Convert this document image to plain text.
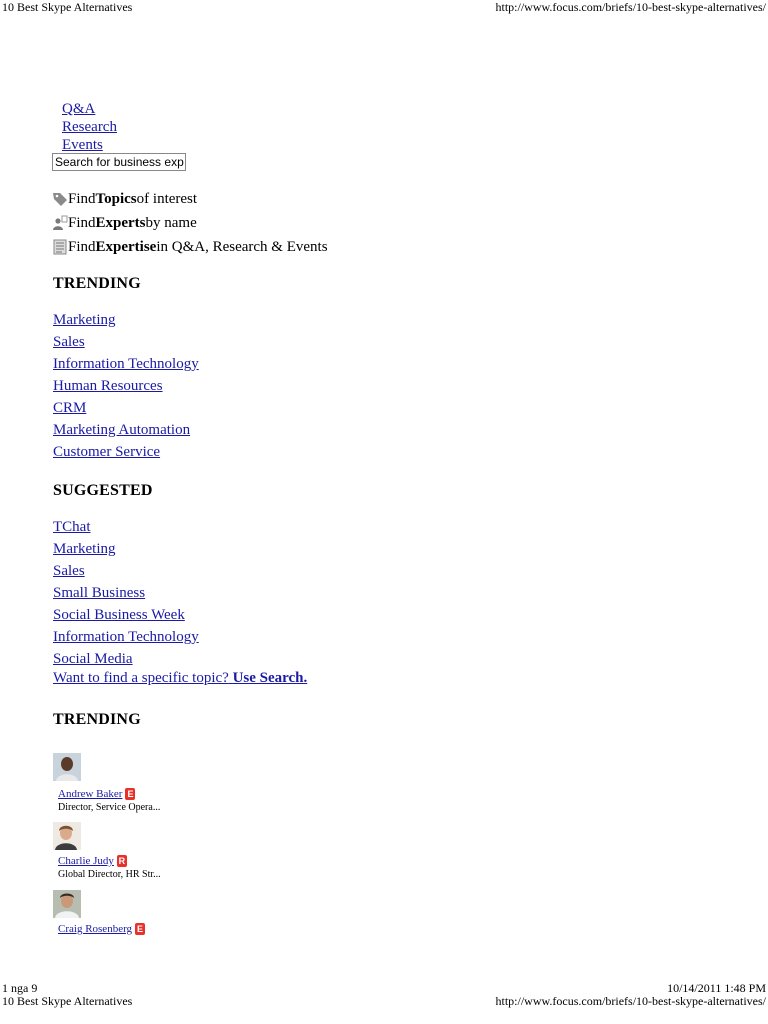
10 Best Skype Alternatives	http://www.focus.com/briefs/10-best-skype-alternatives/
Q&A
Research
Events
Search for business exp
Find Topics of interest
Find Experts by name
Find Expertise in Q&A, Research & Events
TRENDING
Marketing
Sales
Information Technology
Human Resources
CRM
Marketing Automation
Customer Service
SUGGESTED
TChat
Marketing
Sales
Small Business
Social Business Week
Information Technology
Social Media
Want to find a specific topic? Use Search.
TRENDING
Andrew Baker E
Director, Service Opera...
Charlie Judy R
Global Director, HR Str...
Craig Rosenberg E
1 nga 9	10/14/2011 1:48 PM
10 Best Skype Alternatives	http://www.focus.com/briefs/10-best-skype-alternatives/
